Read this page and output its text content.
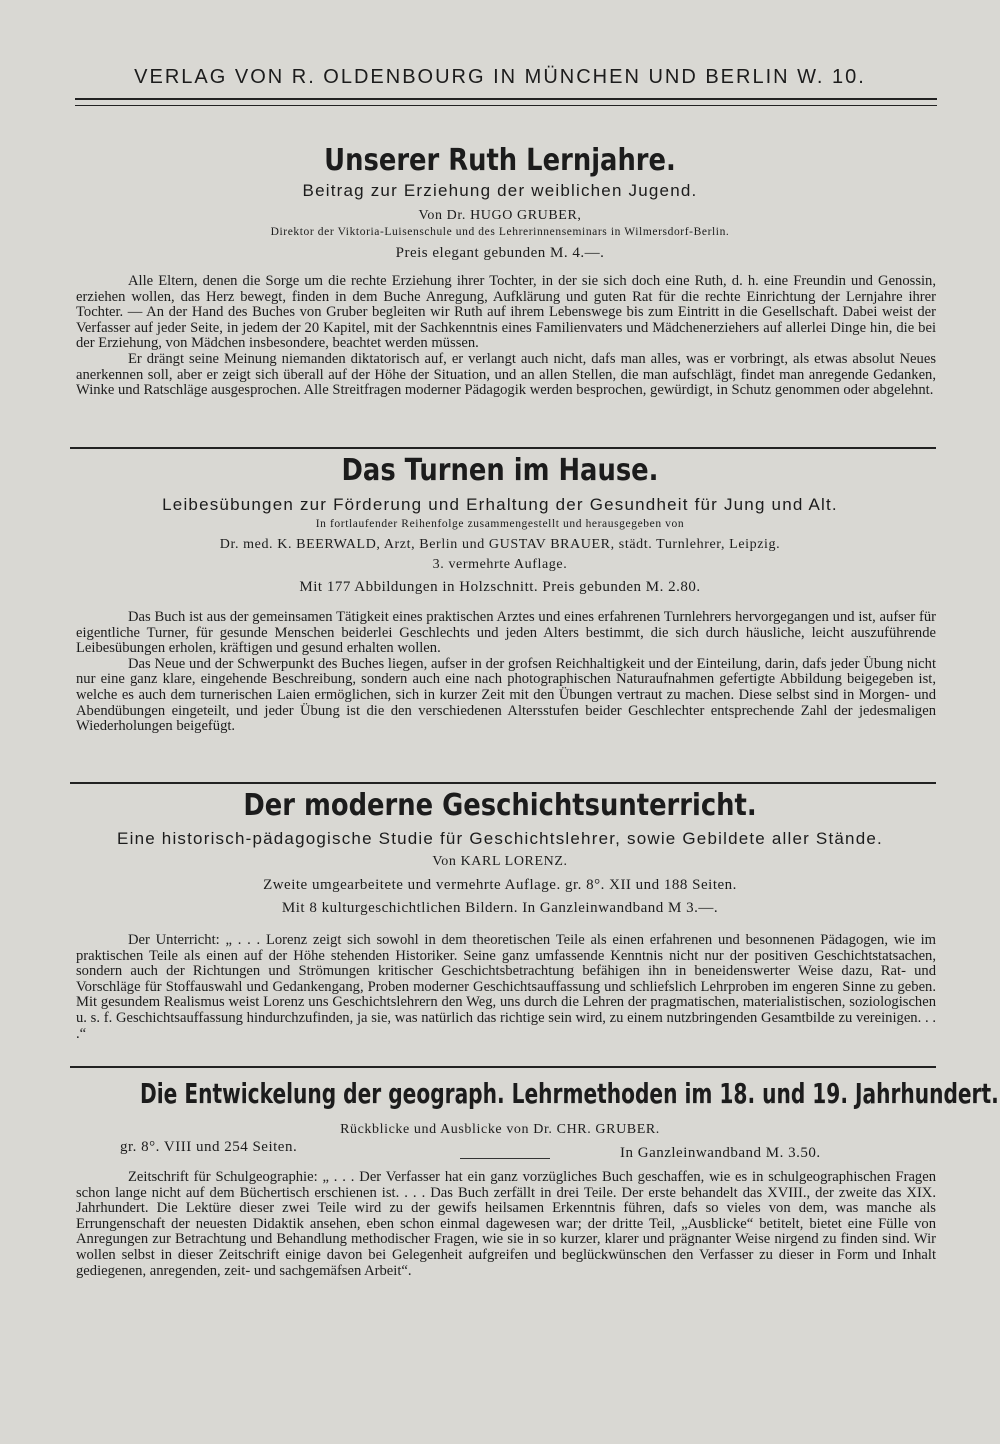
VERLAG VON R. OLDENBOURG IN MÜNCHEN UND BERLIN W. 10.
Unserer Ruth Lernjahre.
Beitrag zur Erziehung der weiblichen Jugend.
Von Dr. HUGO GRUBER,
Direktor der Viktoria-Luisenschule und des Lehrerinnenseminars in Wilmersdorf-Berlin.
Preis elegant gebunden M. 4.—.

Alle Eltern, denen die Sorge um die rechte Erziehung ihrer Tochter, in der sie sich doch eine Ruth, d. h. eine Freundin und Genossin, erziehen wollen, das Herz bewegt, finden in dem Buche Anregung, Aufklärung und guten Rat für die rechte Einrichtung der Lernjahre ihrer Tochter. — An der Hand des Buches von Gruber begleiten wir Ruth auf ihrem Lebenswege bis zum Eintritt in die Gesellschaft. Dabei weist der Verfasser auf jeder Seite, in jedem der 20 Kapitel, mit der Sachkenntnis eines Familienvaters und Mädchenerziehers auf allerlei Dinge hin, die bei der Erziehung, von Mädchen insbesondere, beachtet werden müssen.

Er drängt seine Meinung niemanden diktatorisch auf, er verlangt auch nicht, dafs man alles, was er vorbringt, als etwas absolut Neues anerkennen soll, aber er zeigt sich überall auf der Höhe der Situation, und an allen Stellen, die man aufschlägt, findet man anregende Gedanken, Winke und Ratschläge ausgesprochen. Alle Streitfragen moderner Pädagogik werden besprochen, gewürdigt, in Schutz genommen oder abgelehnt.

Das Turnen im Hause.
Leibesübungen zur Förderung und Erhaltung der Gesundheit für Jung und Alt.
In fortlaufender Reihenfolge zusammengestellt und herausgegeben von
Dr. med. K. BEERWALD, Arzt, Berlin und GUSTAV BRAUER, städt. Turnlehrer, Leipzig.
3. vermehrte Auflage.
Mit 177 Abbildungen in Holzschnitt. Preis gebunden M. 2.80.

Das Buch ist aus der gemeinsamen Tätigkeit eines praktischen Arztes und eines erfahrenen Turnlehrers hervorgegangen und ist, aufser für eigentliche Turner, für gesunde Menschen beiderlei Geschlechts und jeden Alters bestimmt, die sich durch häusliche, leicht auszuführende Leibesübungen erholen, kräftigen und gesund erhalten wollen.

Das Neue und der Schwerpunkt des Buches liegen, aufser in der grofsen Reichhaltigkeit und der Einteilung, darin, dafs jeder Übung nicht nur eine ganz klare, eingehende Beschreibung, sondern auch eine nach photographischen Naturaufnahmen gefertigte Abbildung beigegeben ist, welche es auch dem turnerischen Laien ermöglichen, sich in kurzer Zeit mit den Übungen vertraut zu machen. Diese selbst sind in Morgen- und Abendübungen eingeteilt, und jeder Übung ist die den verschiedenen Altersstufen beider Geschlechter entsprechende Zahl der jedesmaligen Wiederholungen beigefügt.

Der moderne Geschichtsunterricht.
Eine historisch-pädagogische Studie für Geschichtslehrer, sowie Gebildete aller Stände.
Von KARL LORENZ.
Zweite umgearbeitete und vermehrte Auflage. gr. 8°. XII und 188 Seiten.
Mit 8 kulturgeschichtlichen Bildern. In Ganzleinwandband M 3.—.

Der Unterricht: „ . . . Lorenz zeigt sich sowohl in dem theoretischen Teile als einen erfahrenen und besonnenen Pädagogen, wie im praktischen Teile als einen auf der Höhe stehenden Historiker. Seine ganz umfassende Kenntnis nicht nur der positiven Geschichtstatsachen, sondern auch der Richtungen und Strömungen kritischer Geschichtsbetrachtung befähigen ihn in beneidenswerter Weise dazu, Rat- und Vorschläge für Stoffauswahl und Gedankengang, Proben moderner Geschichtsauffassung und schliefslich Lehrproben im engeren Sinne zu geben. Mit gesundem Realismus weist Lorenz uns Geschichtslehrern den Weg, uns durch die Lehren der pragmatischen, materialistischen, soziologischen u. s. f. Geschichtsauffassung hindurchzufinden, ja sie, was natürlich das richtige sein wird, zu einem nutzbringenden Gesamtbilde zu vereinigen. . . .“

Die Entwickelung der geograph. Lehrmethoden im 18. und 19. Jahrhundert.
Rückblicke und Ausblicke von Dr. CHR. GRUBER.
gr. 8°. VIII und 254 Seiten.	In Ganzleinwandband M. 3.50.

Zeitschrift für Schulgeographie: „ . . . Der Verfasser hat ein ganz vorzügliches Buch geschaffen, wie es in schulgeographischen Fragen schon lange nicht auf dem Büchertisch erschienen ist. . . . Das Buch zerfällt in drei Teile. Der erste behandelt das XVIII., der zweite das XIX. Jahrhundert. Die Lektüre dieser zwei Teile wird zu der gewifs heilsamen Erkenntnis führen, dafs so vieles von dem, was manche als Errungenschaft der neuesten Didaktik ansehen, eben schon einmal dagewesen war; der dritte Teil, „Ausblicke“ betitelt, bietet eine Fülle von Anregungen zur Betrachtung und Behandlung methodischer Fragen, wie sie in so kurzer, klarer und prägnanter Weise nirgend zu finden sind. Wir wollen selbst in dieser Zeitschrift einige davon bei Gelegenheit aufgreifen und beglückwünschen den Verfasser zu dieser in Form und Inhalt gediegenen, anregenden, zeit- und sachgemäfsen Arbeit“.
